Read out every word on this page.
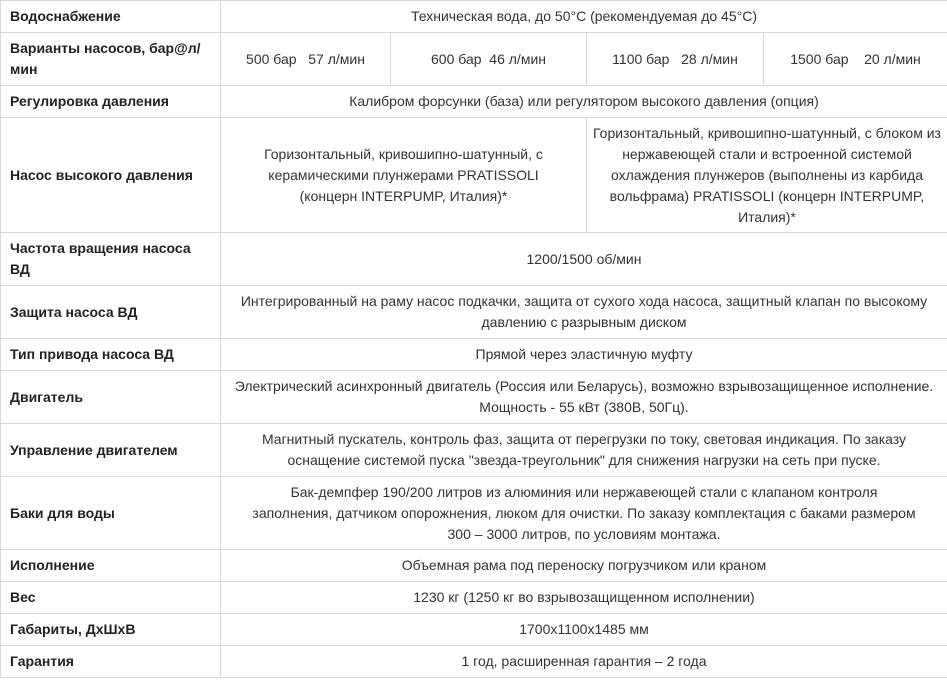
Водоснабжение	Техническая вода, до 50°С (рекомендуемая до 45°С)			
Варианты насосов, бар@л/мин	500 бар   57 л/мин	600 бар  46 л/мин	1100 бар   28 л/мин	1500 бар    20 л/мин
Регулировка давления	Калибром форсунки (база) или регулятором высокого давления (опция)			
Насос высокого давления	Горизонтальный, кривошипно-шатунный, с керамическими плунжерами PRATISSOLI (концерн INTERPUMP, Италия)*		Горизонтальный, кривошипно-шатунный, с блоком из нержавеющей стали и встроенной системой охлаждения плунжеров (выполнены из карбида вольфрама) PRATISSOLI (концерн INTERPUMP, Италия)*	
Частота вращения насоса ВД	1200/1500 об/мин			
Защита насоса ВД	Интегрированный на раму насос подкачки, защита от сухого хода насоса, защитный клапан по высокому давлению с разрывным диском			
Тип привода насоса ВД	Прямой через эластичную муфту			
Двигатель	Электрический асинхронный двигатель (Россия или Беларусь), возможно взрывозащищенное исполнение. Мощность - 55 кВт (380В, 50Гц).			
Управление двигателем	Магнитный пускатель, контроль фаз, защита от перегрузки по току, световая индикация. По заказу оснащение системой пуска "звезда-треугольник" для снижения нагрузки на сеть при пуске.			
Баки для воды	Бак-демпфер 190/200 литров из алюминия или нержавеющей стали с клапаном контроля заполнения, датчиком опорожнения, люком для очистки. По заказу комплектация с баками размером 300 – 3000 литров, по условиям монтажа.			
Исполнение	Объемная рама под переноску погрузчиком или краном			
Вес	1230 кг (1250 кг во взрывозащищенном исполнении)			
Габариты, ДхШхВ	1700х1100х1485 мм			
Гарантия	1 год, расширенная гарантия – 2 года			
